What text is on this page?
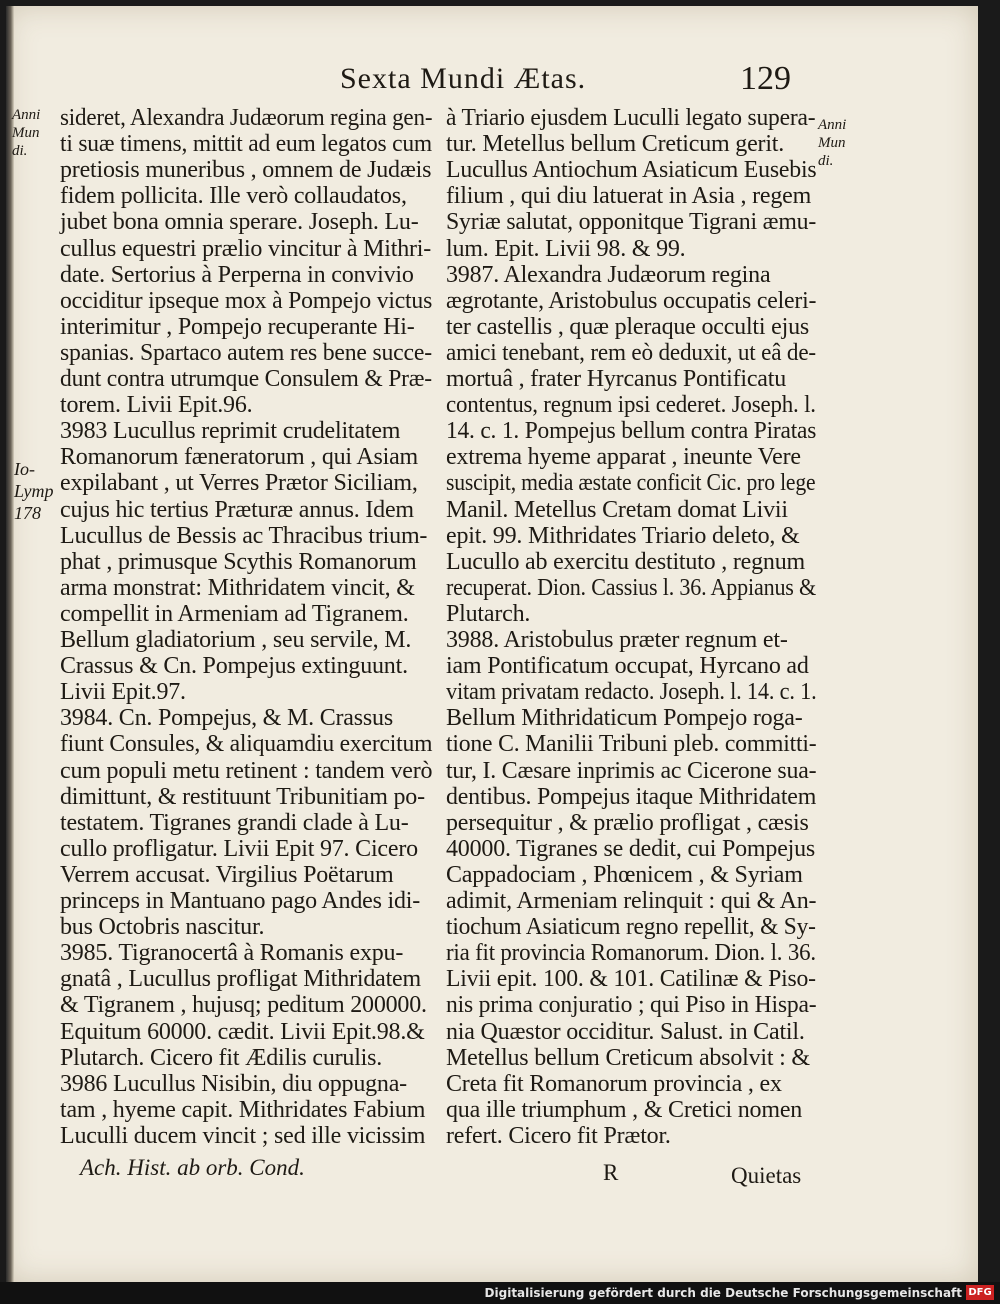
Sexta Mundi Ætas.	129
Anni
Mun
di.
Io-
Lymp
178
Anni
Mun
di.
sideret, Alexandra Judæorum regina gen-
ti suæ timens, mittit ad eum legatos cum
pretiosis muneribus , omnem de Judæis
fidem pollicita. Ille verò collaudatos,
jubet bona omnia sperare. Joseph. Lu-
cullus equestri prælio vincitur à Mithri-
date. Sertorius à Perperna in convivio
occiditur ipseque mox à Pompejo victus
interimitur , Pompejo recuperante Hi-
spanias. Spartaco autem res bene succe-
dunt contra utrumque Consulem & Præ-
torem. Livii Epit.96.
3983 Lucullus reprimit crudelitatem
Romanorum fæneratorum , qui Asiam
expilabant , ut Verres Prætor Siciliam,
cujus hic tertius Præturæ annus. Idem
Lucullus de Bessis ac Thracibus trium-
phat , primusque Scythis Romanorum
arma monstrat: Mithridatem vincit, &
compellit in Armeniam ad Tigranem.
Bellum gladiatorium , seu servile, M.
Crassus & Cn. Pompejus extinguunt.
Livii Epit.97.
3984. Cn. Pompejus, & M. Crassus
fiunt Consules, & aliquamdiu exercitum
cum populi metu retinent : tandem verò
dimittunt, & restituunt Tribunitiam po-
testatem. Tigranes grandi clade à Lu-
cullo profligatur. Livii Epit 97. Cicero
Verrem accusat. Virgilius Poëtarum
princeps in Mantuano pago Andes idi-
bus Octobris nascitur.
3985. Tigranocertâ à Romanis expu-
gnatâ , Lucullus profligat Mithridatem
& Tigranem , hujusq; peditum 200000.
Equitum 60000. cædit. Livii Epit.98.&
Plutarch. Cicero fit Ædilis curulis.
3986 Lucullus Nisibin, diu oppugna-
tam , hyeme capit. Mithridates Fabium
Luculli ducem vincit ; sed ille vicissim
à Triario ejusdem Luculli legato supera-
tur. Metellus bellum Creticum gerit.
Lucullus Antiochum Asiaticum Eusebis
filium , qui diu latuerat in Asia , regem
Syriæ salutat, opponitque Tigrani æmu-
lum. Epit. Livii 98. & 99.
3987. Alexandra Judæorum regina
ægrotante, Aristobulus occupatis celeri-
ter castellis , quæ pleraque occulti ejus
amici tenebant, rem eò deduxit, ut eâ de-
mortuâ , frater Hyrcanus Pontificatu
contentus, regnum ipsi cederet. Joseph. l.
14. c. 1. Pompejus bellum contra Piratas
extrema hyeme apparat , ineunte Vere
suscipit, media æstate conficit Cic. pro lege
Manil. Metellus Cretam domat Livii
epit. 99. Mithridates Triario deleto, &
Lucullo ab exercitu destituto , regnum
recuperat. Dion. Cassius l. 36. Appianus &
Plutarch.
3988. Aristobulus præter regnum et-
iam Pontificatum occupat, Hyrcano ad
vitam privatam redacto. Joseph. l. 14. c. 1.
Bellum Mithridaticum Pompejo roga-
tione C. Manilii Tribuni pleb. committi-
tur, I. Cæsare inprimis ac Cicerone sua-
dentibus. Pompejus itaque Mithridatem
persequitur , & prælio profligat , cæsis
40000. Tigranes se dedit, cui Pompejus
Cappadociam , Phœnicem , & Syriam
adimit, Armeniam relinquit : qui & An-
tiochum Asiaticum regno repellit, & Sy-
ria fit provincia Romanorum. Dion. l. 36.
Livii epit. 100. & 101. Catilinæ & Piso-
nis prima conjuratio ; qui Piso in Hispa-
nia Quæstor occiditur. Salust. in Catil.
Metellus bellum Creticum absolvit : &
Creta fit Romanorum provincia , ex
qua ille triumphum , & Cretici nomen
refert. Cicero fit Prætor.
Ach. Hist. ab orb. Cond.	R	Quietas
Digitalisierung gefördert durch die Deutsche Forschungsgemeinschaft DFG
